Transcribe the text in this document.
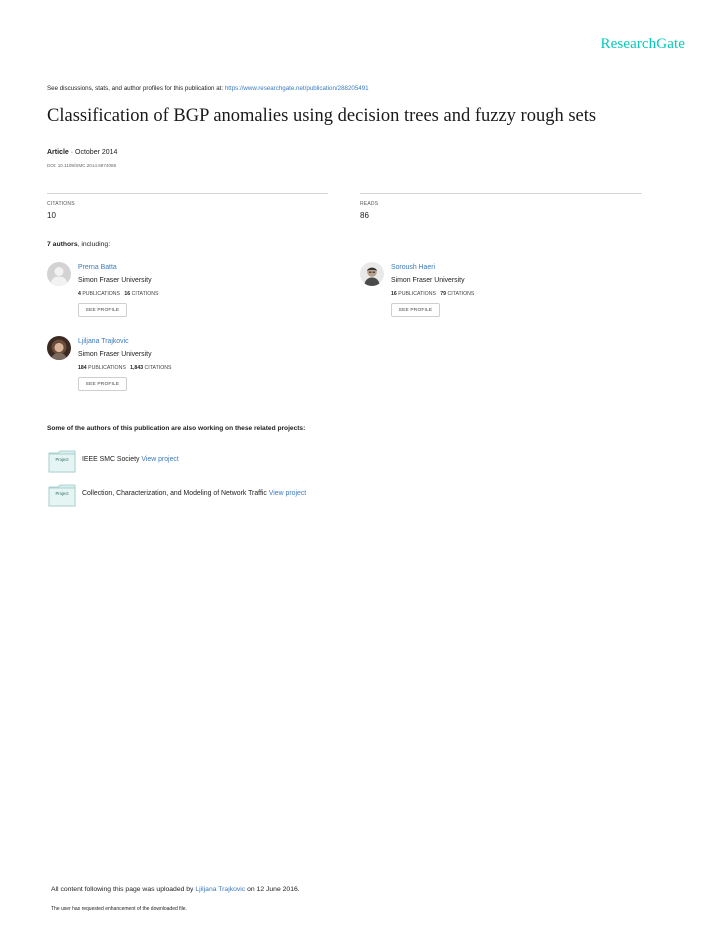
ResearchGate
See discussions, stats, and author profiles for this publication at: https://www.researchgate.net/publication/288205491
Classification of BGP anomalies using decision trees and fuzzy rough sets
Article · October 2014
DOI: 10.1109/SMC.2014.6974086
CITATIONS
10
READS
86
7 authors, including:
Prerna Batta
Simon Fraser University
4 PUBLICATIONS 16 CITATIONS
SEE PROFILE
Soroush Haeri
Simon Fraser University
16 PUBLICATIONS 79 CITATIONS
SEE PROFILE
Ljiljana Trajkovic
Simon Fraser University
184 PUBLICATIONS 1,843 CITATIONS
SEE PROFILE
Some of the authors of this publication are also working on these related projects:
Project	IEEE SMC Society View project
Project	Collection, Characterization, and Modeling of Network Traffic View project
All content following this page was uploaded by Ljiljana Trajkovic on 12 June 2016.
The user has requested enhancement of the downloaded file.
